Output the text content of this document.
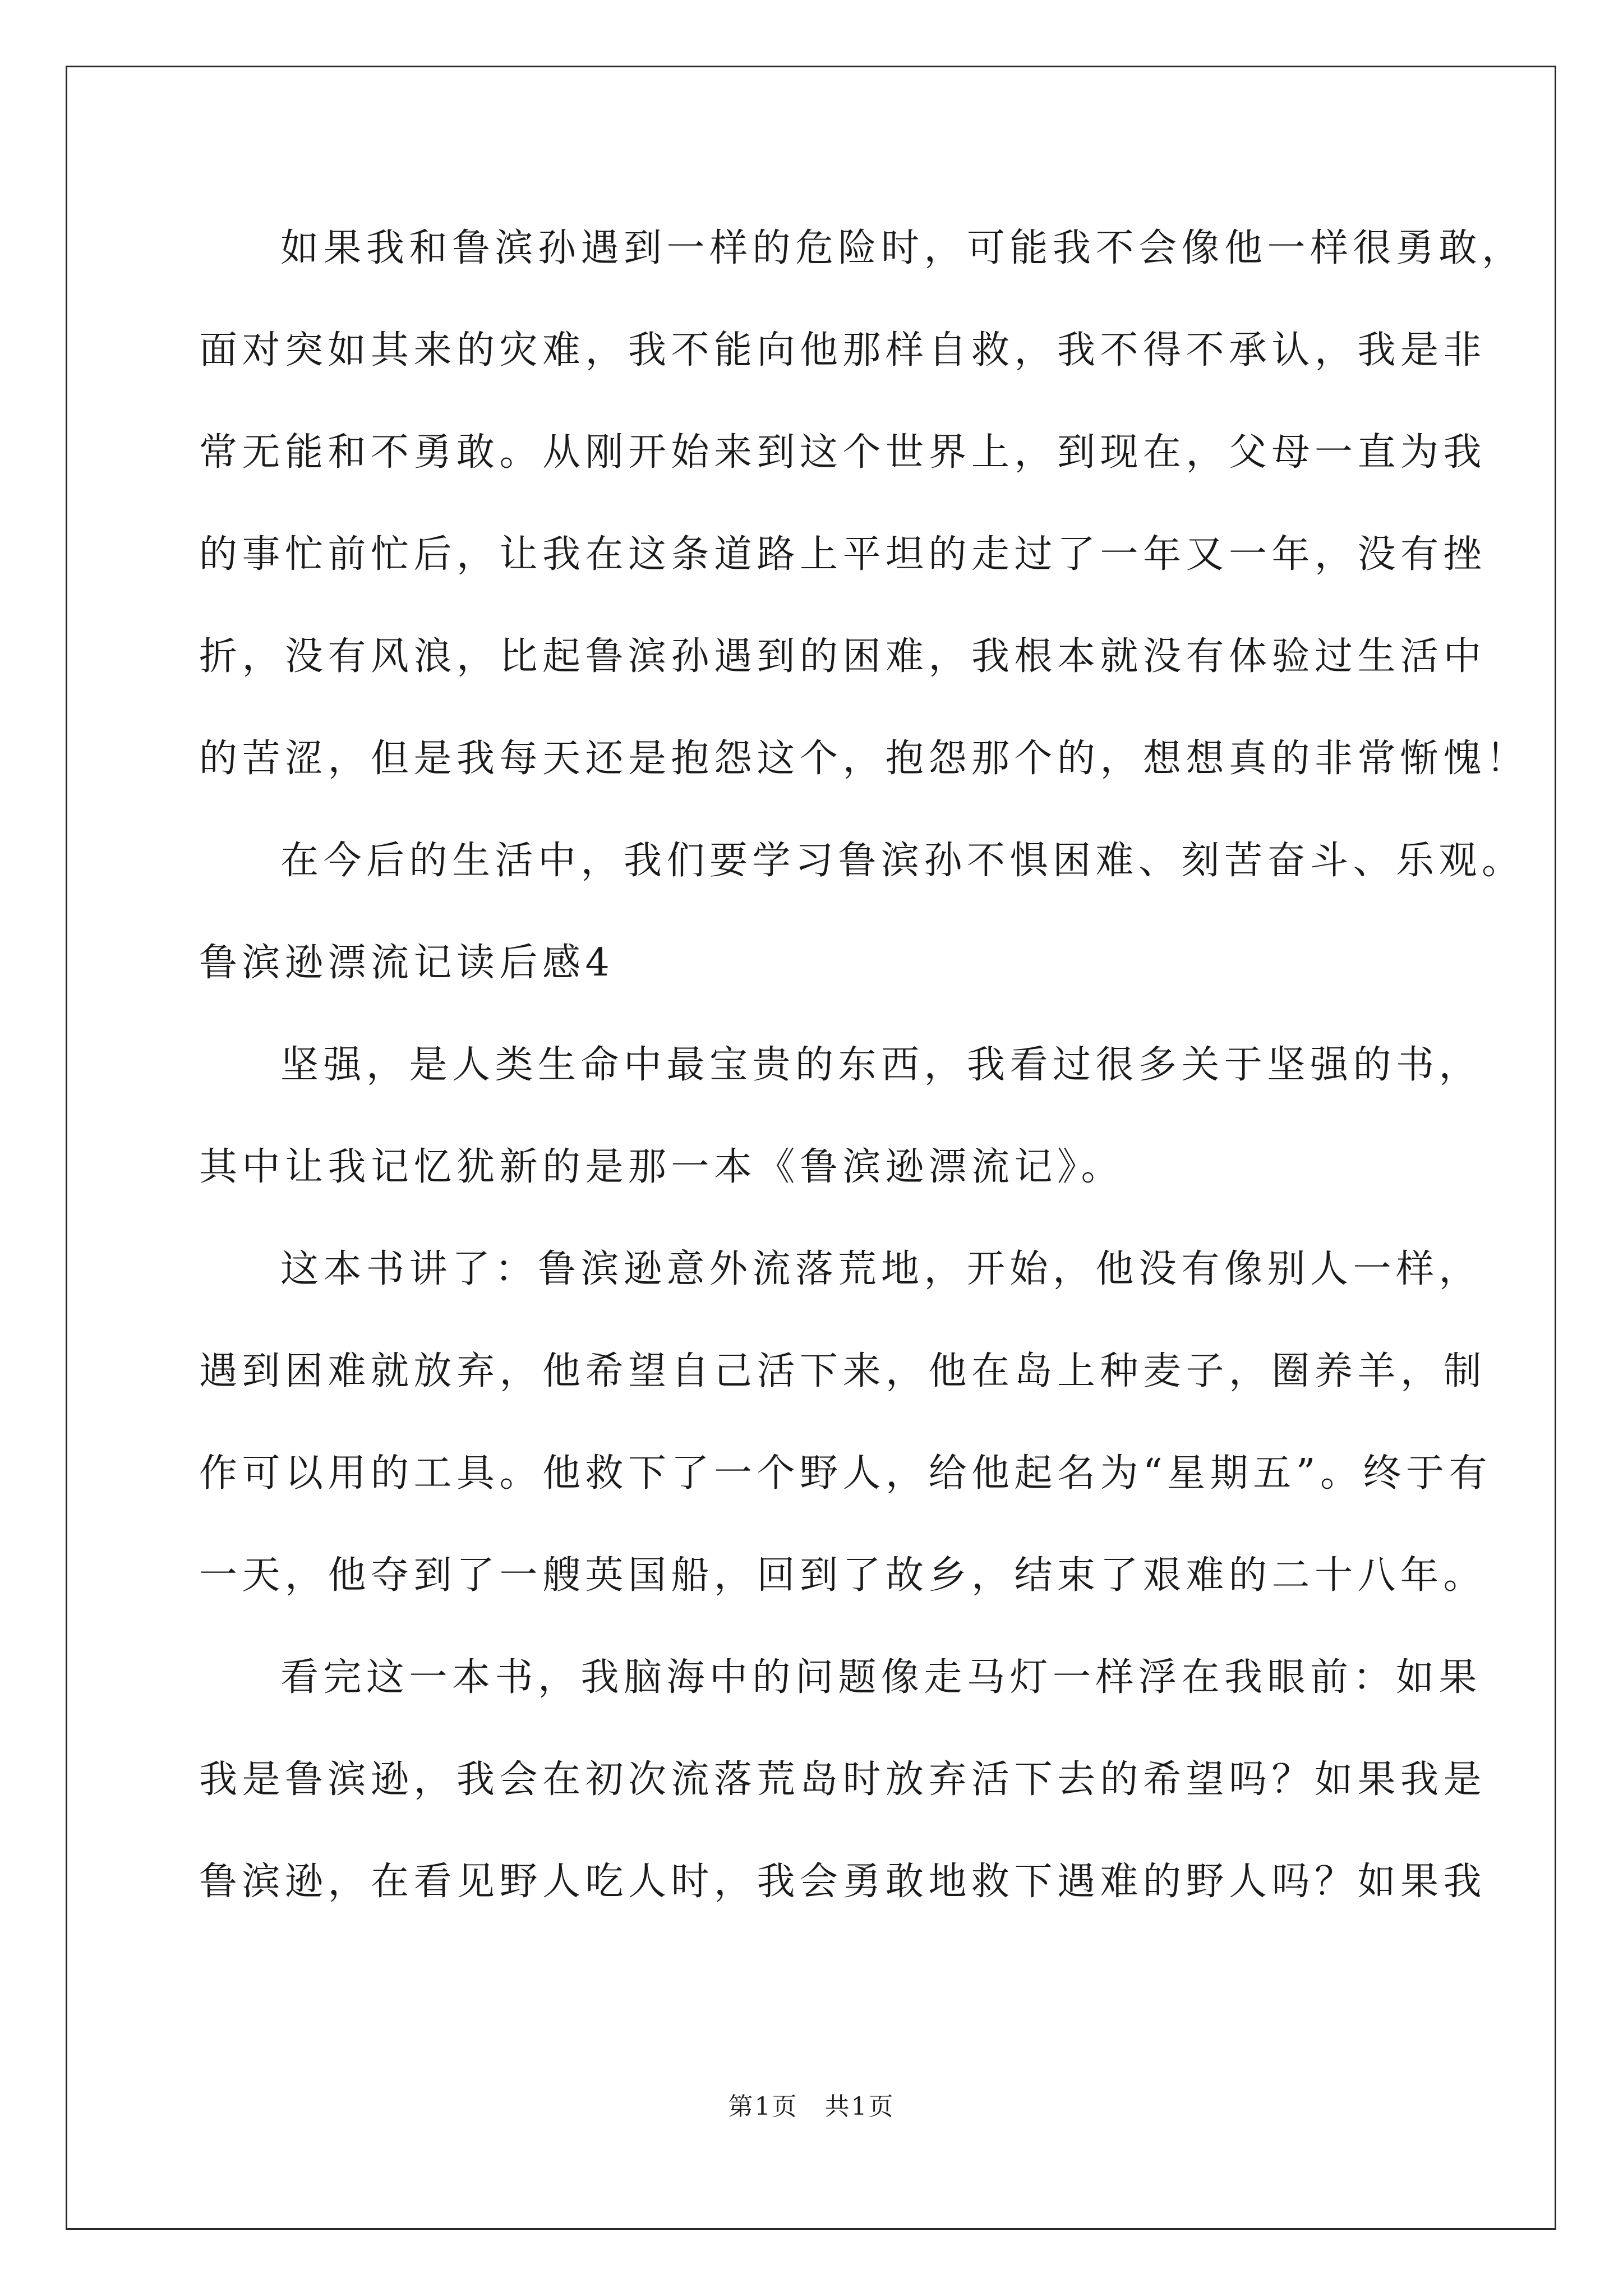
如果我和鲁滨孙遇到一样的危险时，可能我不会像他一样很勇敢，
面对突如其来的灾难，我不能向他那样自救，我不得不承认，我是非
常无能和不勇敢。从刚开始来到这个世界上，到现在，父母一直为我
的事忙前忙后，让我在这条道路上平坦的走过了一年又一年，没有挫
折，没有风浪，比起鲁滨孙遇到的困难，我根本就没有体验过生活中
的苦涩，但是我每天还是抱怨这个，抱怨那个的，想想真的非常惭愧！
在今后的生活中，我们要学习鲁滨孙不惧困难、刻苦奋斗、乐观。
鲁滨逊漂流记读后感4
坚强，是人类生命中最宝贵的东西，我看过很多关于坚强的书，
其中让我记忆犹新的是那一本《鲁滨逊漂流记》。
这本书讲了：鲁滨逊意外流落荒地，开始，他没有像别人一样，
遇到困难就放弃，他希望自己活下来，他在岛上种麦子，圈养羊，制
作可以用的工具。他救下了一个野人，给他起名为“星期五”。终于有
一天，他夺到了一艘英国船，回到了故乡，结束了艰难的二十八年。
看完这一本书，我脑海中的问题像走马灯一样浮在我眼前：如果
我是鲁滨逊，我会在初次流落荒岛时放弃活下去的希望吗？如果我是
鲁滨逊，在看见野人吃人时，我会勇敢地救下遇难的野人吗？如果我
第1页　共1页
